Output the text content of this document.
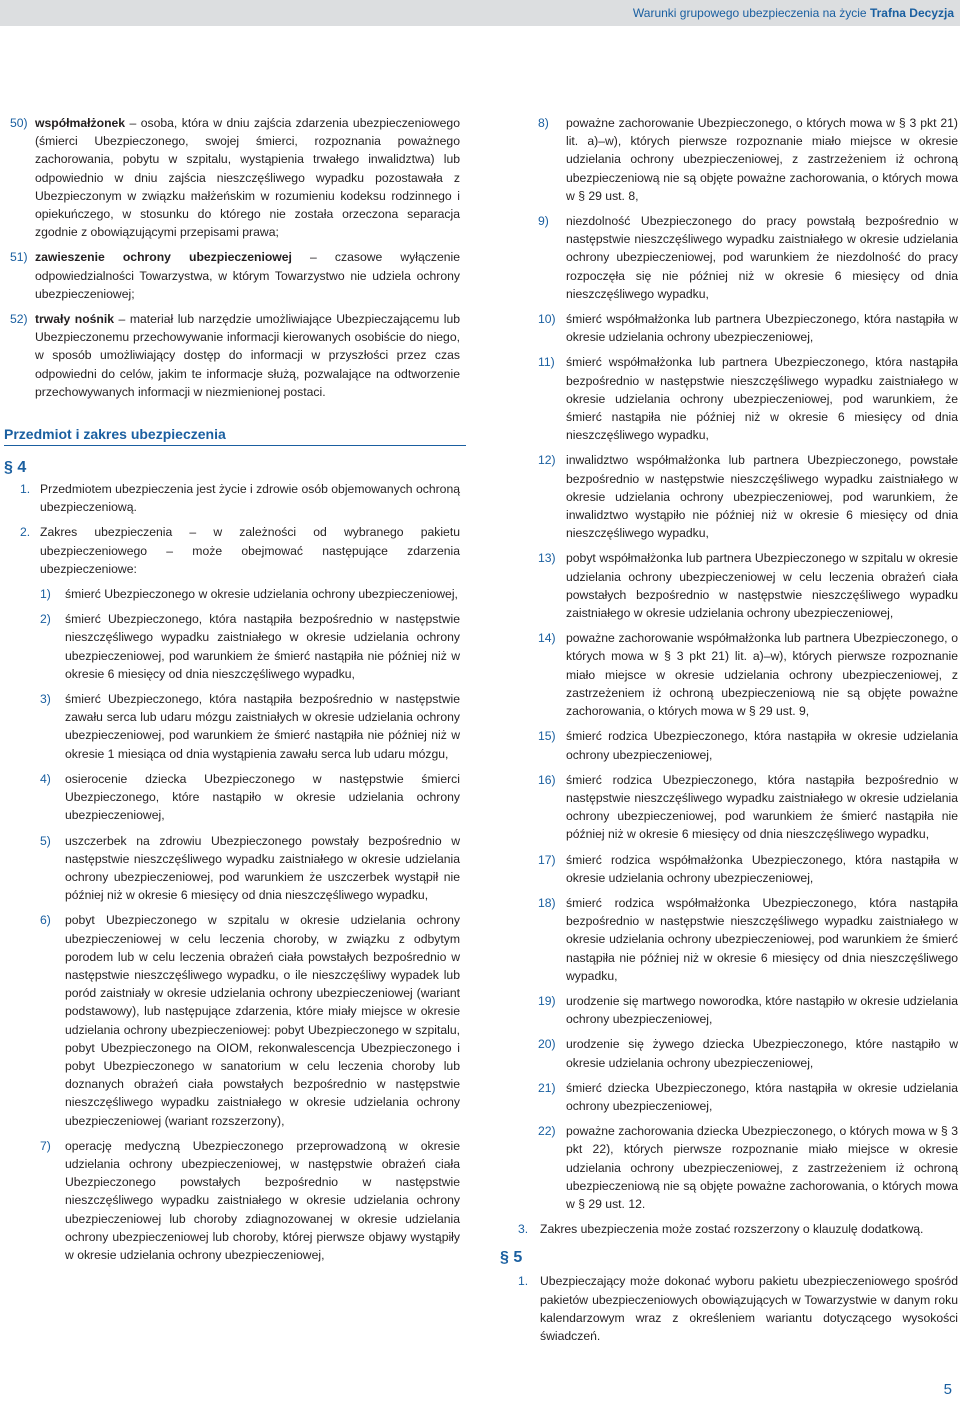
Warunki grupowego ubezpieczenia na życie Trafna Decyzja
50) współmałżonek – osoba, która w dniu zajścia zdarzenia ubezpieczeniowego (śmierci Ubezpieczonego, swojej śmierci, rozpoznania poważnego zachorowania, pobytu w szpitalu, wystąpienia trwałego inwalidztwa) lub odpowiednio w dniu zajścia nieszczęśliwego wypadku pozostawała z Ubezpieczonym w związku małżeńskim w rozumieniu kodeksu rodzinnego i opiekuńczego, w stosunku do którego nie została orzeczona separacja zgodnie z obowiązującymi przepisami prawa;
51) zawieszenie ochrony ubezpieczeniowej – czasowe wyłączenie odpowiedzialności Towarzystwa, w którym Towarzystwo nie udziela ochrony ubezpieczeniowej;
52) trwały nośnik – materiał lub narzędzie umożliwiające Ubezpieczającemu lub Ubezpieczonemu przechowywanie informacji kierowanych osobiście do niego, w sposób umożliwiający dostęp do informacji w przyszłości przez czas odpowiedni do celów, jakim te informacje służą, pozwalające na odtworzenie przechowywanych informacji w niezmienionej postaci.
Przedmiot i zakres ubezpieczenia
§ 4
1. Przedmiotem ubezpieczenia jest życie i zdrowie osób objemowanych ochroną ubezpieczeniową.
2. Zakres ubezpieczenia – w zależności od wybranego pakietu ubezpieczeniowego – może obejmować następujące zdarzenia ubezpieczeniowe:
1) śmierć Ubezpieczonego w okresie udzielania ochrony ubezpieczeniowej,
2) śmierć Ubezpieczonego, która nastąpiła bezpośrednio w następstwie nieszczęśliwego wypadku zaistniałego w okresie udzielania ochrony ubezpieczeniowej, pod warunkiem że śmierć nastąpiła nie później niż w okresie 6 miesięcy od dnia nieszczęśliwego wypadku,
3) śmierć Ubezpieczonego, która nastąpiła bezpośrednio w następstwie zawału serca lub udaru mózgu zaistniałych w okresie udzielania ochrony ubezpieczeniowej, pod warunkiem że śmierć nastąpiła nie później niż w okresie 1 miesiąca od dnia wystąpienia zawału serca lub udaru mózgu,
4) osierocenie dziecka Ubezpieczonego w następstwie śmierci Ubezpieczonego, które nastąpiło w okresie udzielania ochrony ubezpieczeniowej,
5) uszczerbek na zdrowiu Ubezpieczonego powstały bezpośrednio w następstwie nieszczęśliwego wypadku zaistniałego w okresie udzielania ochrony ubezpieczeniowej, pod warunkiem że uszczerbek wystąpił nie później niż w okresie 6 miesięcy od dnia nieszczęśliwego wypadku,
6) pobyt Ubezpieczonego w szpitalu w okresie udzielania ochrony ubezpieczeniowej w celu leczenia choroby, w związku z odbytym porodem lub w celu leczenia obrażeń ciała powstałych bezpośrednio w następstwie nieszczęśliwego wypadku, o ile nieszczęśliwy wypadek lub poród zaistniały w okresie udzielania ochrony ubezpieczeniowej (wariant podstawowy), lub następujące zdarzenia, które miały miejsce w okresie udzielania ochrony ubezpieczeniowej: pobyt Ubezpieczonego w szpitalu, pobyt Ubezpieczonego na OIOM, rekonwalescencja Ubezpieczonego i pobyt Ubezpieczonego w sanatorium w celu leczenia choroby lub doznanych obrażeń ciała powstałych bezpośrednio w następstwie nieszczęśliwego wypadku zaistniałego w okresie udzielania ochrony ubezpieczeniowej (wariant rozszerzony),
7) operację medyczną Ubezpieczonego przeprowadzoną w okresie udzielania ochrony ubezpieczeniowej, w następstwie obrażeń ciała Ubezpieczonego powstałych bezpośrednio w następstwie nieszczęśliwego wypadku zaistniałego w okresie udzielania ochrony ubezpieczeniowej lub choroby zdiagnozowanej w okresie udzielania ochrony ubezpieczeniowej lub choroby, której pierwsze objawy wystąpiły w okresie udzielania ochrony ubezpieczeniowej,
8) poważne zachorowanie Ubezpieczonego, o których mowa w § 3 pkt 21) lit. a)–w), których pierwsze rozpoznanie miało miejsce w okresie udzielania ochrony ubezpieczeniowej, z zastrzeżeniem iż ochroną ubezpieczeniową nie są objęte poważne zachorowania, o których mowa w § 29 ust. 8,
9) niezdolność Ubezpieczonego do pracy powstałą bezpośrednio w następstwie nieszczęśliwego wypadku zaistniałego w okresie udzielania ochrony ubezpieczeniowej, pod warunkiem że niezdolność do pracy rozpoczęła się nie później niż w okresie 6 miesięcy od dnia nieszczęśliwego wypadku,
10) śmierć współmałżonka lub partnera Ubezpieczonego, która nastąpiła w okresie udzielania ochrony ubezpieczeniowej,
11) śmierć współmałżonka lub partnera Ubezpieczonego, która nastąpiła bezpośrednio w następstwie nieszczęśliwego wypadku zaistniałego w okresie udzielania ochrony ubezpieczeniowej, pod warunkiem, że śmierć nastąpiła nie później niż w okresie 6 miesięcy od dnia nieszczęśliwego wypadku,
12) inwalidztwo współmałżonka lub partnera Ubezpieczonego, powstałe bezpośrednio w następstwie nieszczęśliwego wypadku zaistniałego w okresie udzielania ochrony ubezpieczeniowej, pod warunkiem, że inwalidztwo wystąpiło nie później niż w okresie 6 miesięcy od dnia nieszczęśliwego wypadku,
13) pobyt współmałżonka lub partnera Ubezpieczonego w szpitalu w okresie udzielania ochrony ubezpieczeniowej w celu leczenia obrażeń ciała powstałych bezpośrednio w następstwie nieszczęśliwego wypadku zaistniałego w okresie udzielania ochrony ubezpieczeniowej,
14) poważne zachorowanie współmałżonka lub partnera Ubezpieczonego, o których mowa w § 3 pkt 21) lit. a)–w), których pierwsze rozpoznanie miało miejsce w okresie udzielania ochrony ubezpieczeniowej, z zastrzeżeniem iż ochroną ubezpieczeniową nie są objęte poważne zachorowania, o których mowa w § 29 ust. 9,
15) śmierć rodzica Ubezpieczonego, która nastąpiła w okresie udzielania ochrony ubezpieczeniowej,
16) śmierć rodzica Ubezpieczonego, która nastąpiła bezpośrednio w następstwie nieszczęśliwego wypadku zaistniałego w okresie udzielania ochrony ubezpieczeniowej, pod warunkiem że śmierć nastąpiła nie później niż w okresie 6 miesięcy od dnia nieszczęśliwego wypadku,
17) śmierć rodzica współmałżonka Ubezpieczonego, która nastąpiła w okresie udzielania ochrony ubezpieczeniowej,
18) śmierć rodzica współmałżonka Ubezpieczonego, która nastąpiła bezpośrednio w następstwie nieszczęśliwego wypadku zaistniałego w okresie udzielania ochrony ubezpieczeniowej, pod warunkiem że śmierć nastąpiła nie później niż w okresie 6 miesięcy od dnia nieszczęśliwego wypadku,
19) urodzenie się martwego noworodka, które nastąpiło w okresie udzielania ochrony ubezpieczeniowej,
20) urodzenie się żywego dziecka Ubezpieczonego, które nastąpiło w okresie udzielania ochrony ubezpieczeniowej,
21) śmierć dziecka Ubezpieczonego, która nastąpiła w okresie udzielania ochrony ubezpieczeniowej,
22) poważne zachorowania dziecka Ubezpieczonego, o których mowa w § 3 pkt 22), których pierwsze rozpoznanie miało miejsce w okresie udzielania ochrony ubezpieczeniowej, z zastrzeżeniem iż ochroną ubezpieczeniową nie są objęte poważne zachorowania, o których mowa w § 29 ust. 12.
3. Zakres ubezpieczenia może zostać rozszerzony o klauzulę dodatkową.
§ 5
1. Ubezpieczający może dokonać wyboru pakietu ubezpieczeniowego spośród pakietów ubezpieczeniowych obowiązujących w Towarzystwie w danym roku kalendarzowym wraz z określeniem wariantu dotyczącego wysokości świadczeń.
5
